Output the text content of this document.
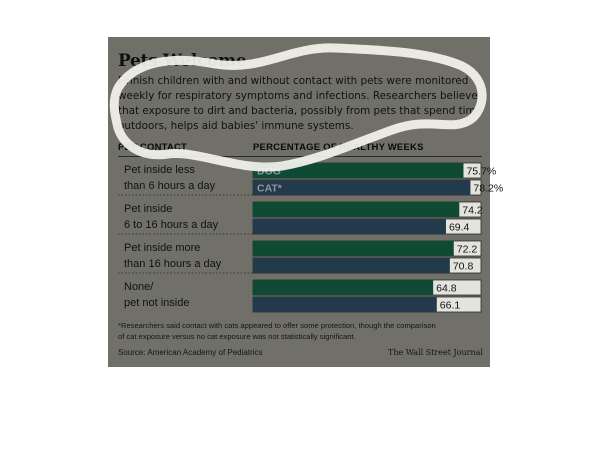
Pets Welcome
Finnish children with and without contact with pets were monitored
weekly for respiratory symptoms and infections. Researchers believe
that exposure to dirt and bacteria, possibly from pets that spend time
outdoors, helps aid babies' immune systems.
PET CONTACT	PERCENTAGE OF HEALTHY WEEKS
Pet inside less
than 6 hours a day
Pet inside
6 to 16 hours a day
Pet inside more
than 16 hours a day
None/
pet not inside
75.7%
DOG
78.2%
CAT*
74.2
69.4
72.2
70.8
64.8
66.1
*Researchers said contact with cats appeared to offer some protection, though the comparison
of cat exposure versus no cat exposure was not statistically significant.
Source: American Academy of Pediatrics	The Wall Street Journal
